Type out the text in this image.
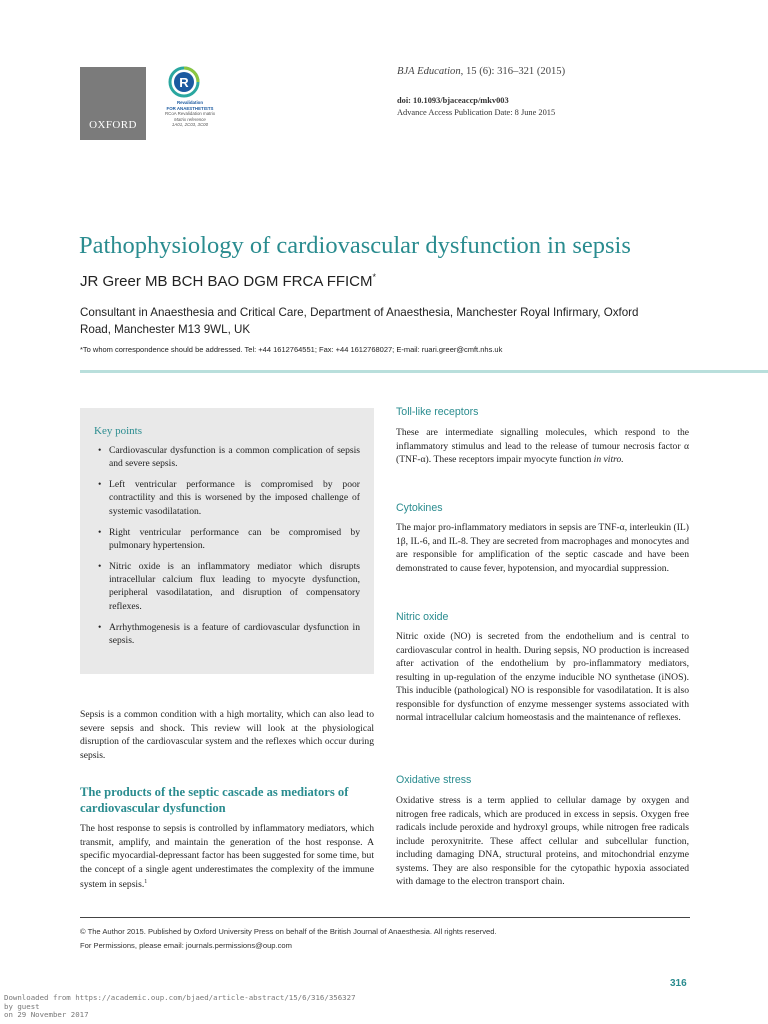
OXFORD
R
Revalidation
FOR ANAESTHETISTS
RCoA Revalidation matrix
Matrix reference
1A01, 2C03, 3C00
BJA Education, 15 (6): 316–321 (2015)
doi: 10.1093/bjaceaccp/mkv003
Advance Access Publication Date: 8 June 2015
Pathophysiology of cardiovascular dysfunction in sepsis
JR Greer MB BCH BAO DGM FRCA FFICM*
Consultant in Anaesthesia and Critical Care, Department of Anaesthesia, Manchester Royal Infirmary, Oxford Road, Manchester M13 9WL, UK
*To whom correspondence should be addressed. Tel: +44 1612764551; Fax: +44 1612768027; E-mail: ruari.greer@cmft.nhs.uk
Key points
• Cardiovascular dysfunction is a common complication of sepsis and severe sepsis.
• Left ventricular performance is compromised by poor contractility and this is worsened by the imposed challenge of systemic vasodilatation.
• Right ventricular performance can be compromised by pulmonary hypertension.
• Nitric oxide is an inflammatory mediator which disrupts intracellular calcium flux leading to myocyte dysfunction, peripheral vasodilatation, and disruption of compensatory reflexes.
• Arrhythmogenesis is a feature of cardiovascular dysfunction in sepsis.
Sepsis is a common condition with a high mortality, which can also lead to severe sepsis and shock. This review will look at the physiological disruption of the cardiovascular system and the reflexes which occur during sepsis.
The products of the septic cascade as mediators of cardiovascular dysfunction
The host response to sepsis is controlled by inflammatory mediators, which transmit, amplify, and maintain the generation of the host response. A specific myocardial-depressant factor has been suggested for some time, but the concept of a single agent underestimates the complexity of the immune system in sepsis.$^1$
Toll-like receptors
These are intermediate signalling molecules, which respond to the inflammatory stimulus and lead to the release of tumour necrosis factor α (TNF-α). These receptors impair myocyte function in vitro.
Cytokines
The major pro-inflammatory mediators in sepsis are TNF-α, interleukin (IL) 1β, IL-6, and IL-8. They are secreted from macrophages and monocytes and are responsible for amplification of the septic cascade and have been demonstrated to cause fever, hypotension, and myocardial suppression.
Nitric oxide
Nitric oxide (NO) is secreted from the endothelium and is central to cardiovascular control in health. During sepsis, NO production is increased after activation of the endothelium by pro-inflammatory mediators, resulting in up-regulation of the enzyme inducible NO synthetase (iNOS). This inducible (pathological) NO is responsible for vasodilatation. It is also responsible for dysfunction of enzyme messenger systems associated with normal intracellular calcium homeostasis and the maintenance of reflexes.
Oxidative stress
Oxidative stress is a term applied to cellular damage by oxygen and nitrogen free radicals, which are produced in excess in sepsis. Oxygen free radicals include peroxide and hydroxyl groups, while nitrogen free radicals include peroxynitrite. These affect cellular and subcellular function, including damaging DNA, structural proteins, and mitochondrial enzyme systems. They are also responsible for the cytopathic hypoxia associated with damage to the electron transport chain.
© The Author 2015. Published by Oxford University Press on behalf of the British Journal of Anaesthesia. All rights reserved.
For Permissions, please email: journals.permissions@oup.com
316
Downloaded from https://academic.oup.com/bjaed/article-abstract/15/6/316/356327
by guest
on 29 November 2017
